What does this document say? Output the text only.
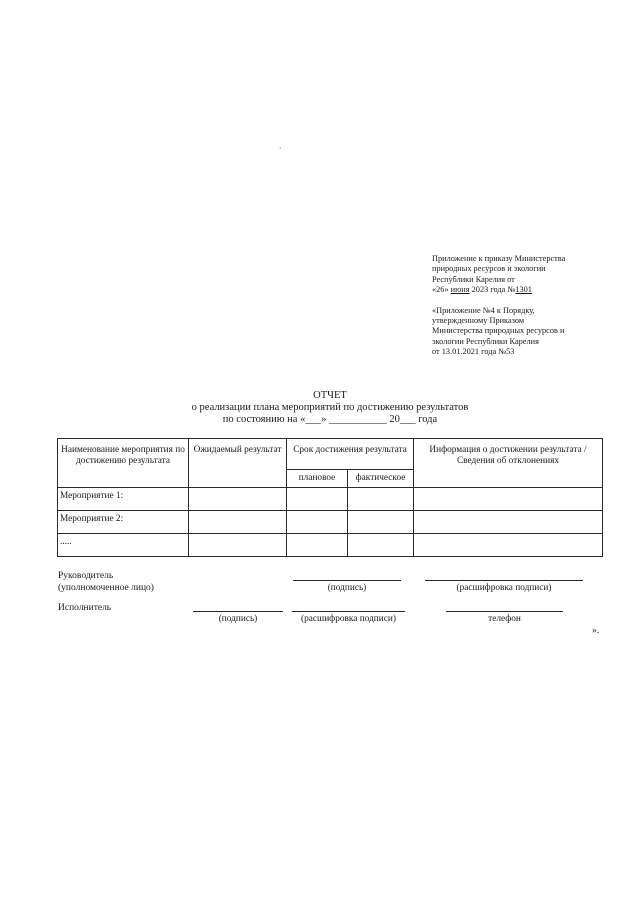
`
Приложение к приказу Министерства
природных ресурсов и экологии
Республики Карелия от
«26» июня 2023 года №1301
«Приложение №4 к Порядку,
утвержденному Приказом
Министерства природных ресурсов и
экологии Республики Карелия
от 13.01.2021 года №53
ОТЧЕТ
о реализации плана мероприятий по достижению результатов
по состоянию на «___» ___________ 20___ года
Наименование мероприятия по достижению результата	Ожидаемый результат	Срок достижения результата		Информация о достижении результата / Сведения об отклонениях
		плановое	фактическое	
Мероприятие 1:				
Мероприятие 2:				
.....				
Руководитель
(уполномоченное лицо)	(подпись)	(расшифровка подписи)
Исполнитель
(подпись)	(расшифровка подписи)	телефон
».
